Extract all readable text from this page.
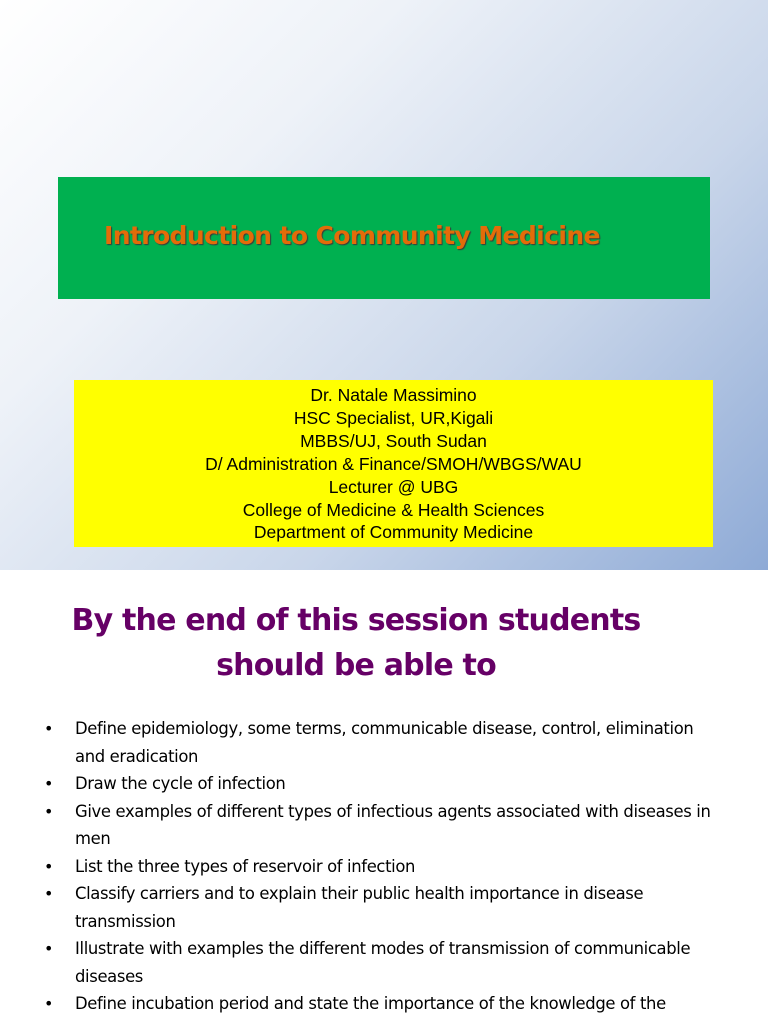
Introduction to Community Medicine
Dr. Natale Massimino
HSC Specialist, UR,Kigali
MBBS/UJ, South Sudan
D/ Administration & Finance/SMOH/WBGS/WAU
Lecturer @ UBG
College of Medicine & Health Sciences
Department of Community Medicine
By the end of this session students
should be able to
• Define epidemiology, some terms, communicable disease, control, elimination and eradication
• Draw the cycle of infection
• Give examples of different types of infectious agents associated with diseases in men
• List the three types of reservoir of infection
• Classify carriers and to explain their public health importance in disease transmission
• Illustrate with examples the different modes of transmission of communicable diseases
• Define incubation period and state the importance of the knowledge of the
